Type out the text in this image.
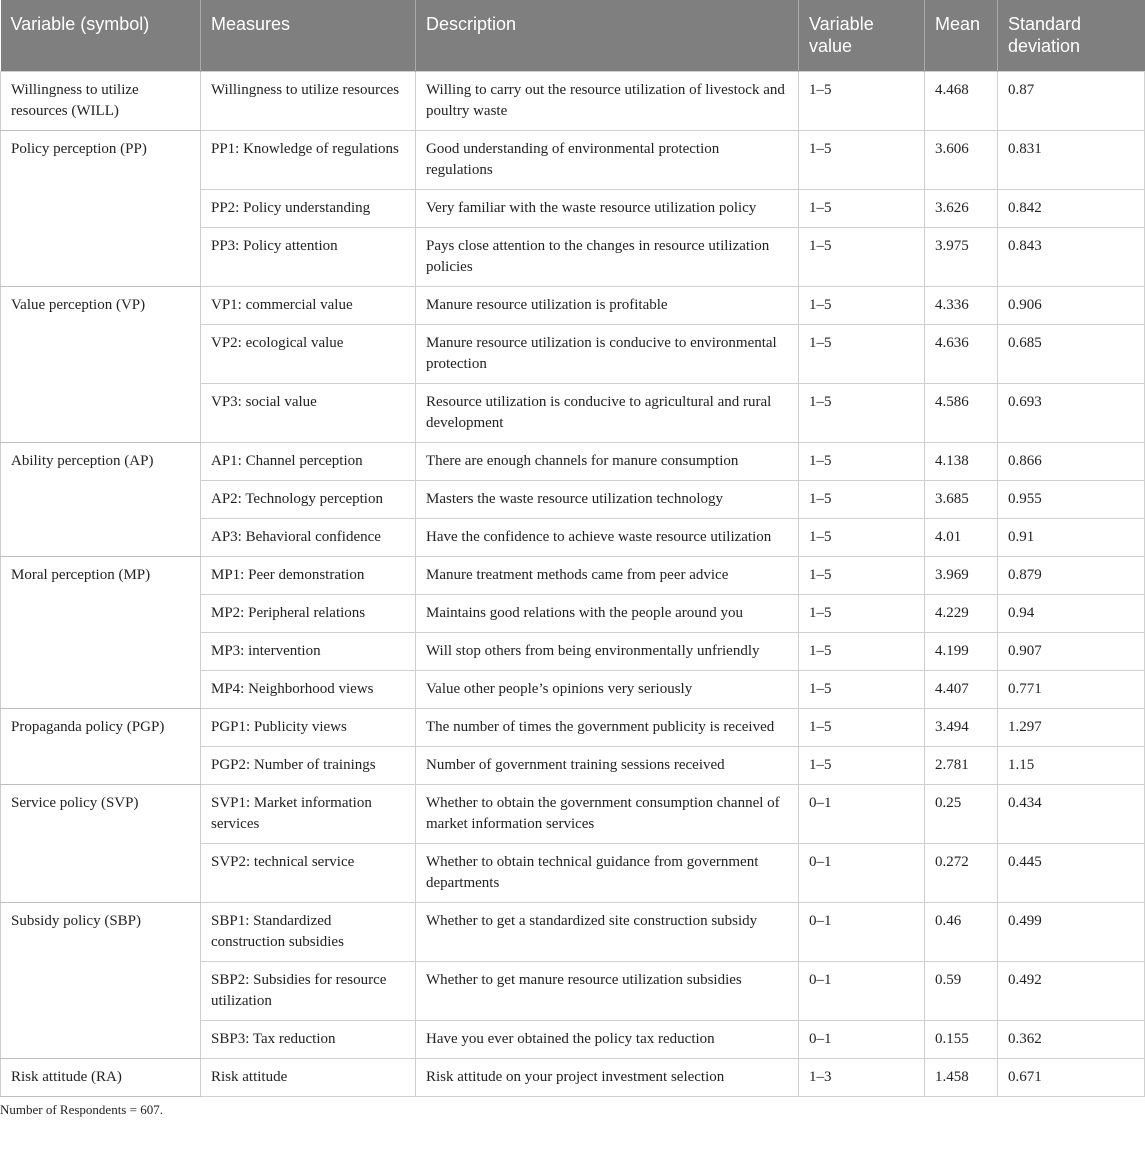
Variable (symbol)	Measures	Description	Variable value	Mean	Standard deviation
Willingness to utilize resources (WILL)	Willingness to utilize resources	Willing to carry out the resource utilization of livestock and poultry waste	1–5	4.468	0.87
Policy perception (PP)	PP1: Knowledge of regulations	Good understanding of environmental protection regulations	1–5	3.606	0.831
	PP2: Policy understanding	Very familiar with the waste resource utilization policy	1–5	3.626	0.842
	PP3: Policy attention	Pays close attention to the changes in resource utilization policies	1–5	3.975	0.843
Value perception (VP)	VP1: commercial value	Manure resource utilization is profitable	1–5	4.336	0.906
	VP2: ecological value	Manure resource utilization is conducive to environmental protection	1–5	4.636	0.685
	VP3: social value	Resource utilization is conducive to agricultural and rural development	1–5	4.586	0.693
Ability perception (AP)	AP1: Channel perception	There are enough channels for manure consumption	1–5	4.138	0.866
	AP2: Technology perception	Masters the waste resource utilization technology	1–5	3.685	0.955
	AP3: Behavioral confidence	Have the confidence to achieve waste resource utilization	1–5	4.01	0.91
Moral perception (MP)	MP1: Peer demonstration	Manure treatment methods came from peer advice	1–5	3.969	0.879
	MP2: Peripheral relations	Maintains good relations with the people around you	1–5	4.229	0.94
	MP3: intervention	Will stop others from being environmentally unfriendly	1–5	4.199	0.907
	MP4: Neighborhood views	Value other people’s opinions very seriously	1–5	4.407	0.771
Propaganda policy (PGP)	PGP1: Publicity views	The number of times the government publicity is received	1–5	3.494	1.297
	PGP2: Number of trainings	Number of government training sessions received	1–5	2.781	1.15
Service policy (SVP)	SVP1: Market information services	Whether to obtain the government consumption channel of market information services	0–1	0.25	0.434
	SVP2: technical service	Whether to obtain technical guidance from government departments	0–1	0.272	0.445
Subsidy policy (SBP)	SBP1: Standardized construction subsidies	Whether to get a standardized site construction subsidy	0–1	0.46	0.499
	SBP2: Subsidies for resource utilization	Whether to get manure resource utilization subsidies	0–1	0.59	0.492
	SBP3: Tax reduction	Have you ever obtained the policy tax reduction	0–1	0.155	0.362
Risk attitude (RA)	Risk attitude	Risk attitude on your project investment selection	1–3	1.458	0.671
Number of Respondents = 607.
